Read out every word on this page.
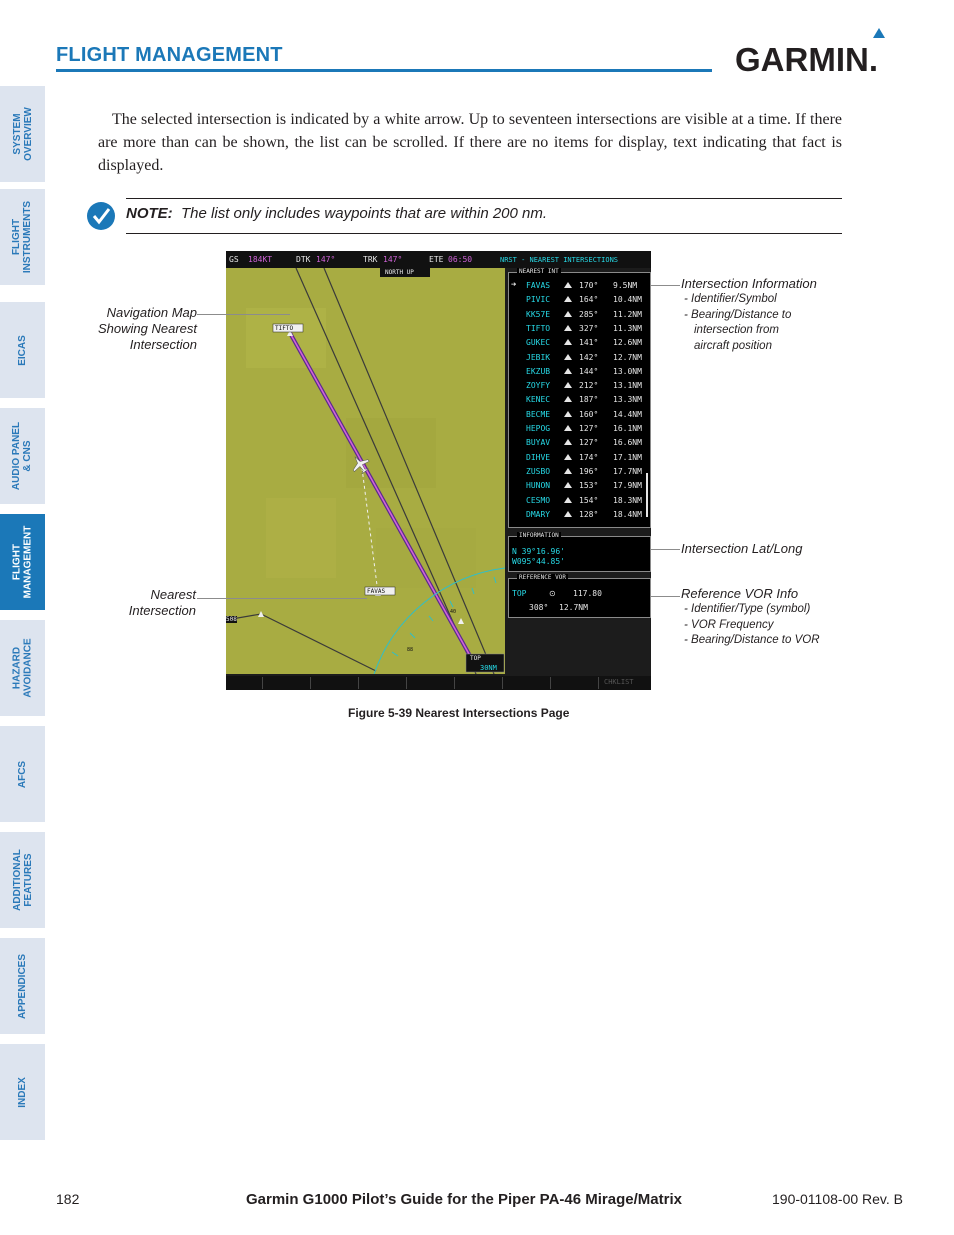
SYSTEM
OVERVIEW
FLIGHT
INSTRUMENTS
EICAS
AUDIO PANEL
& CNS
FLIGHT
MANAGEMENT
HAZARD
AVOIDANCE
AFCS
ADDITIONAL
FEATURES
APPENDICES
INDEX
FLIGHT MANAGEMENT	GARMIN.
The selected intersection is indicated by a white arrow. Up to seventeen intersections are visible at a time. If there are more than can be shown, the list can be scrolled. If there are no items for display, text indicating that fact is displayed.
NOTE: The list only includes waypoints that are within 200 nm.
GS 184KT	DTK 147°	TRK 147°	ETE 06:50	NRST - NEAREST INTERSECTIONS
TIFTO
FAVAS
NORTH UP
30NM
TOP
508
40
88
NEAREST INT
➔ FAVAS	170° 9.5NM
PIVIC	164° 10.4NM
KK57E	285° 11.2NM
TIFTO	327° 11.3NM
GUKEC	141° 12.6NM
JEBIK	142° 12.7NM
EKZUB	144° 13.0NM
ZOYFY	212° 13.1NM
KENEC	187° 13.3NM
BECME	160° 14.4NM
HEPOG	127° 16.1NM
BUYAV	127° 16.6NM
DIHVE	174° 17.1NM
ZUSBO	196° 17.7NM
HUNON	153° 17.9NM
CESMO	154° 18.3NM
DMARY	128° 18.4NM
INFORMATION
N 39°16.96'
W095°44.85'
REFERENCE VOR
TOP	⊙ 117.80
308° 12.7NM
CHKLIST
Navigation Map
Showing Nearest
Intersection
Nearest
Intersection
Intersection Information
- Identifier/Symbol
- Bearing/Distance to
intersection from
aircraft position
Intersection Lat/Long
Reference VOR Info
- Identifier/Type (symbol)
- VOR Frequency
- Bearing/Distance to VOR
Figure 5-39 Nearest Intersections Page
182	Garmin G1000 Pilot’s Guide for the Piper PA-46 Mirage/Matrix	190-01108-00 Rev. B
